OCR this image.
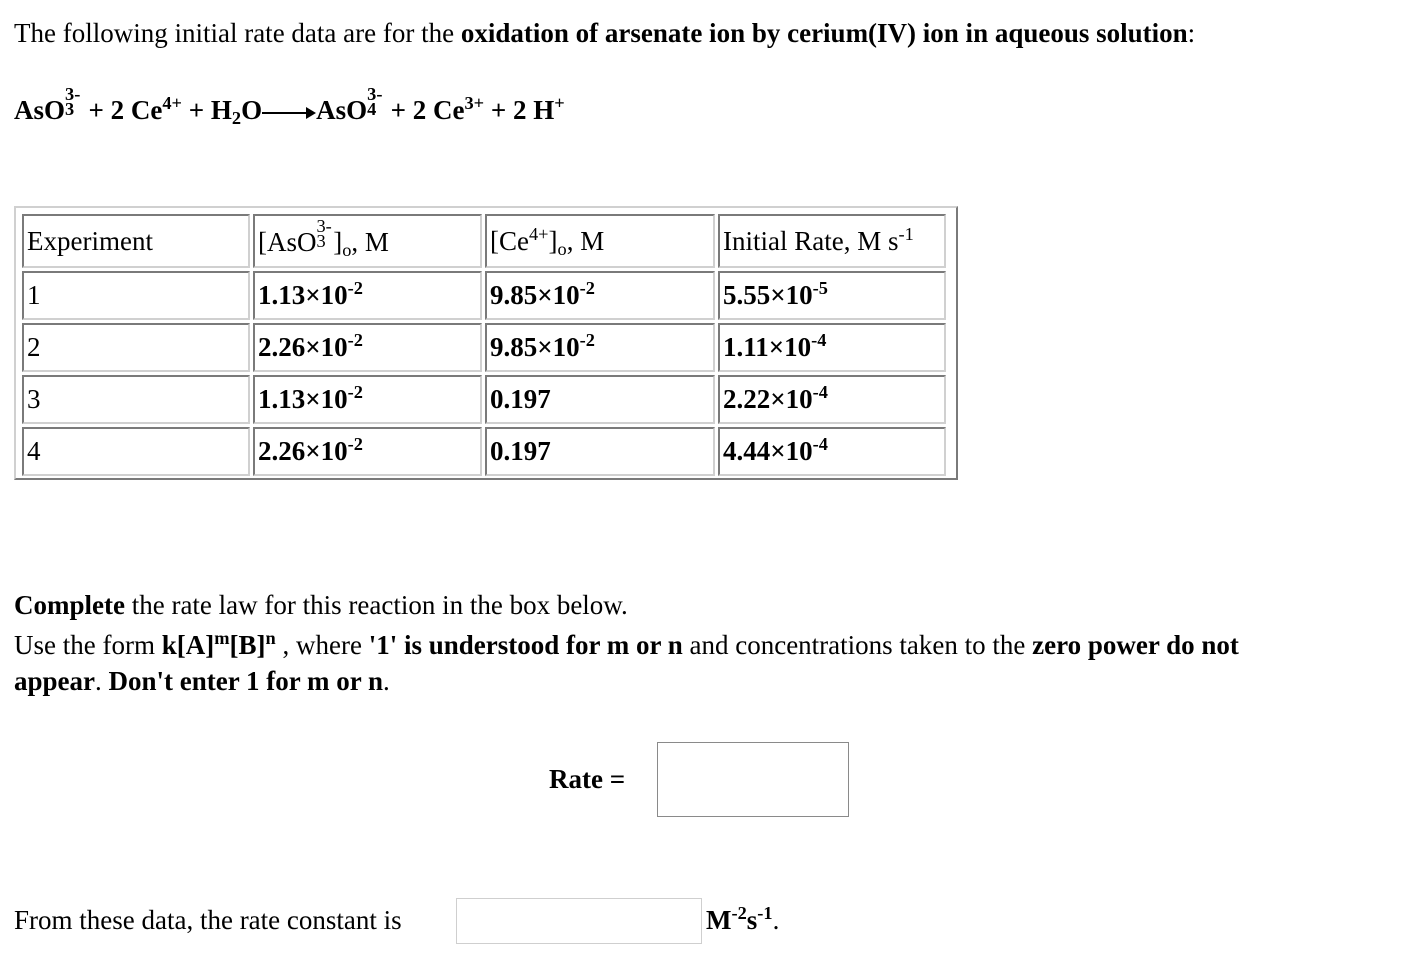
The following initial rate data are for the oxidation of arsenate ion by cerium(IV) ion in aqueous solution:
AsO
3-
3 + 2 $Ce^{4+} + H_2O\to$ AsO
3-
4 + 2 $Ce^{3+} + 2$ H+
Experiment	[AsO
3-
3 ]$_o$, M	$[Ce^{4+}]_o$, M	Initial Rate, M $s^{-1}$
1	$1.13\times 10^{-2}$	$9.85\times 10^{-2}$	$5.55\times 10^{-5}$
2	$2.26\times 10^{-2}$	$9.85\times 10^{-2}$	$1.11\times 10^{-4}$
3	$1.13\times 10^{-2}$	0.197	$2.22\times 10^{-4}$
4	$2.26\times 10^{-2}$	0.197	$4.44\times 10^{-4}$
Complete the rate law for this reaction in the box below.
Use the form $k[A]^m[B]^n$ , where '1' is understood for m or n and concentrations taken to the zero power do not
appear. Don't enter 1 for m or n.
Rate =
From these data, the rate constant is	$M^{-2}s^{-1}$.
